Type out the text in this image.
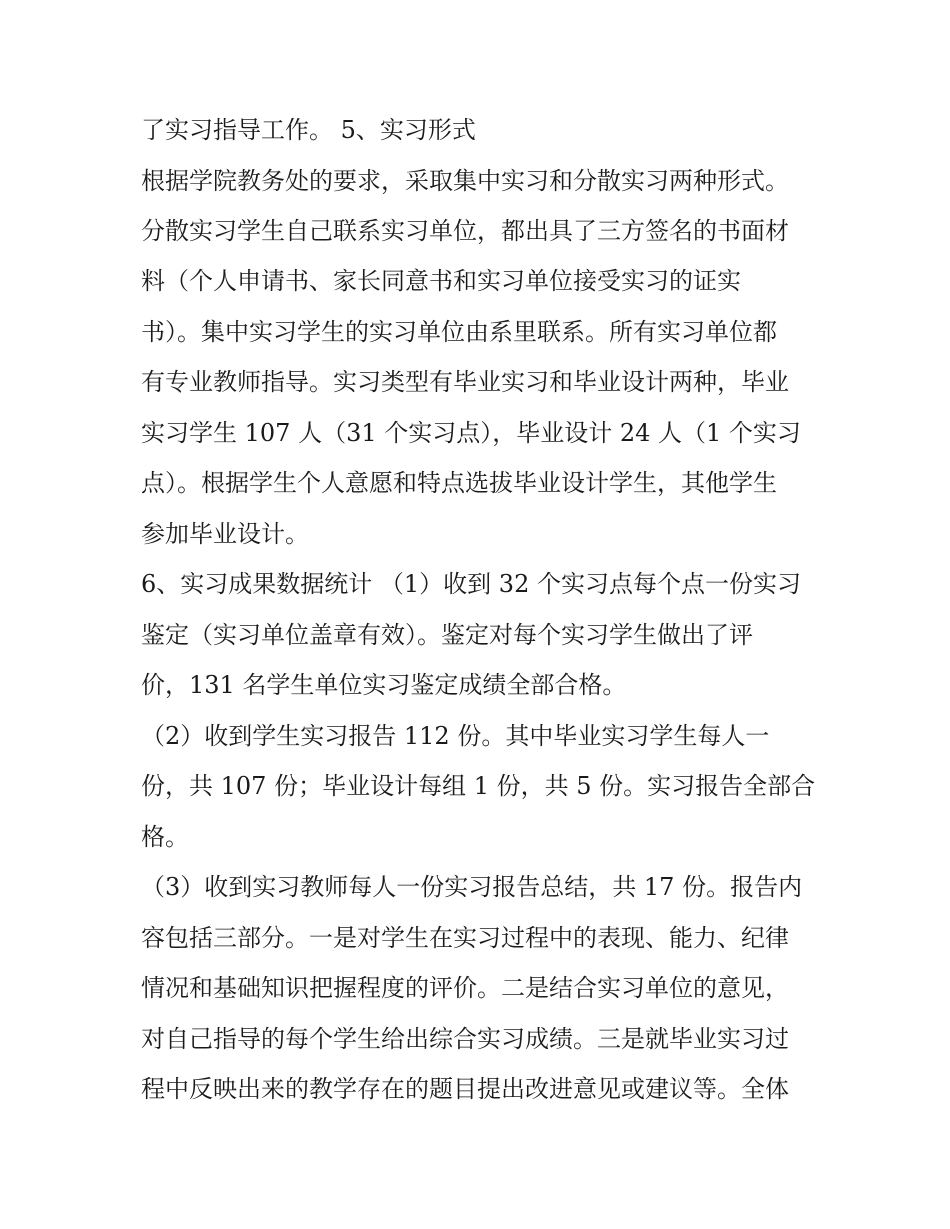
了实习指导工作。 5、实习形式
根据学院教务处的要求，采取集中实习和分散实习两种形式。
分散实习学生自己联系实习单位，都出具了三方签名的书面材
料（个人申请书、家长同意书和实习单位接受实习的证实
书）。集中实习学生的实习单位由系里联系。所有实习单位都
有专业教师指导。实习类型有毕业实习和毕业设计两种，毕业
实习学生 107 人（31 个实习点），毕业设计 24 人（1 个实习
点）。根据学生个人意愿和特点选拔毕业设计学生，其他学生
参加毕业设计。
6、实习成果数据统计 （1）收到 32 个实习点每个点一份实习
鉴定（实习单位盖章有效）。鉴定对每个实习学生做出了评
价，131 名学生单位实习鉴定成绩全部合格。
（2）收到学生实习报告 112 份。其中毕业实习学生每人一
份，共 107 份；毕业设计每组 1 份，共 5 份。实习报告全部合
格。
（3）收到实习教师每人一份实习报告总结，共 17 份。报告内
容包括三部分。一是对学生在实习过程中的表现、能力、纪律
情况和基础知识把握程度的评价。二是结合实习单位的意见，
对自己指导的每个学生给出综合实习成绩。三是就毕业实习过
程中反映出来的教学存在的题目提出改进意见或建议等。全体
